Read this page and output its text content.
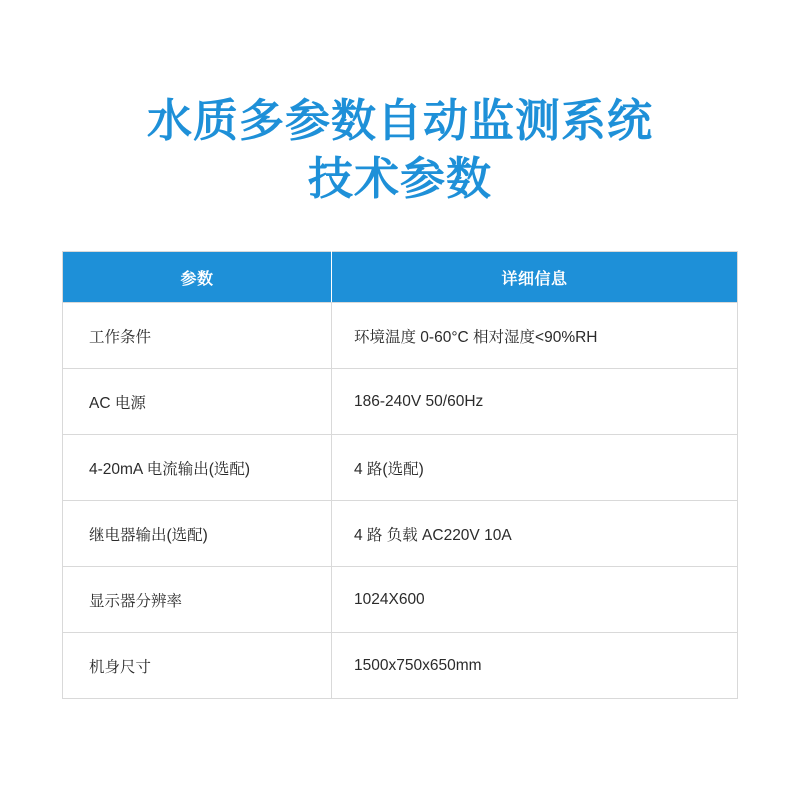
水质多参数自动监测系统
技术参数
参数	详细信息
工作条件	环境温度 0-60°C 相对湿度<90%RH
AC 电源	186-240V 50/60Hz
4-20mA 电流输出(选配)	4 路(选配)
继电器输出(选配)	4 路 负载 AC220V 10A
显示器分辨率	1024X600
机身尺寸	1500x750x650mm
